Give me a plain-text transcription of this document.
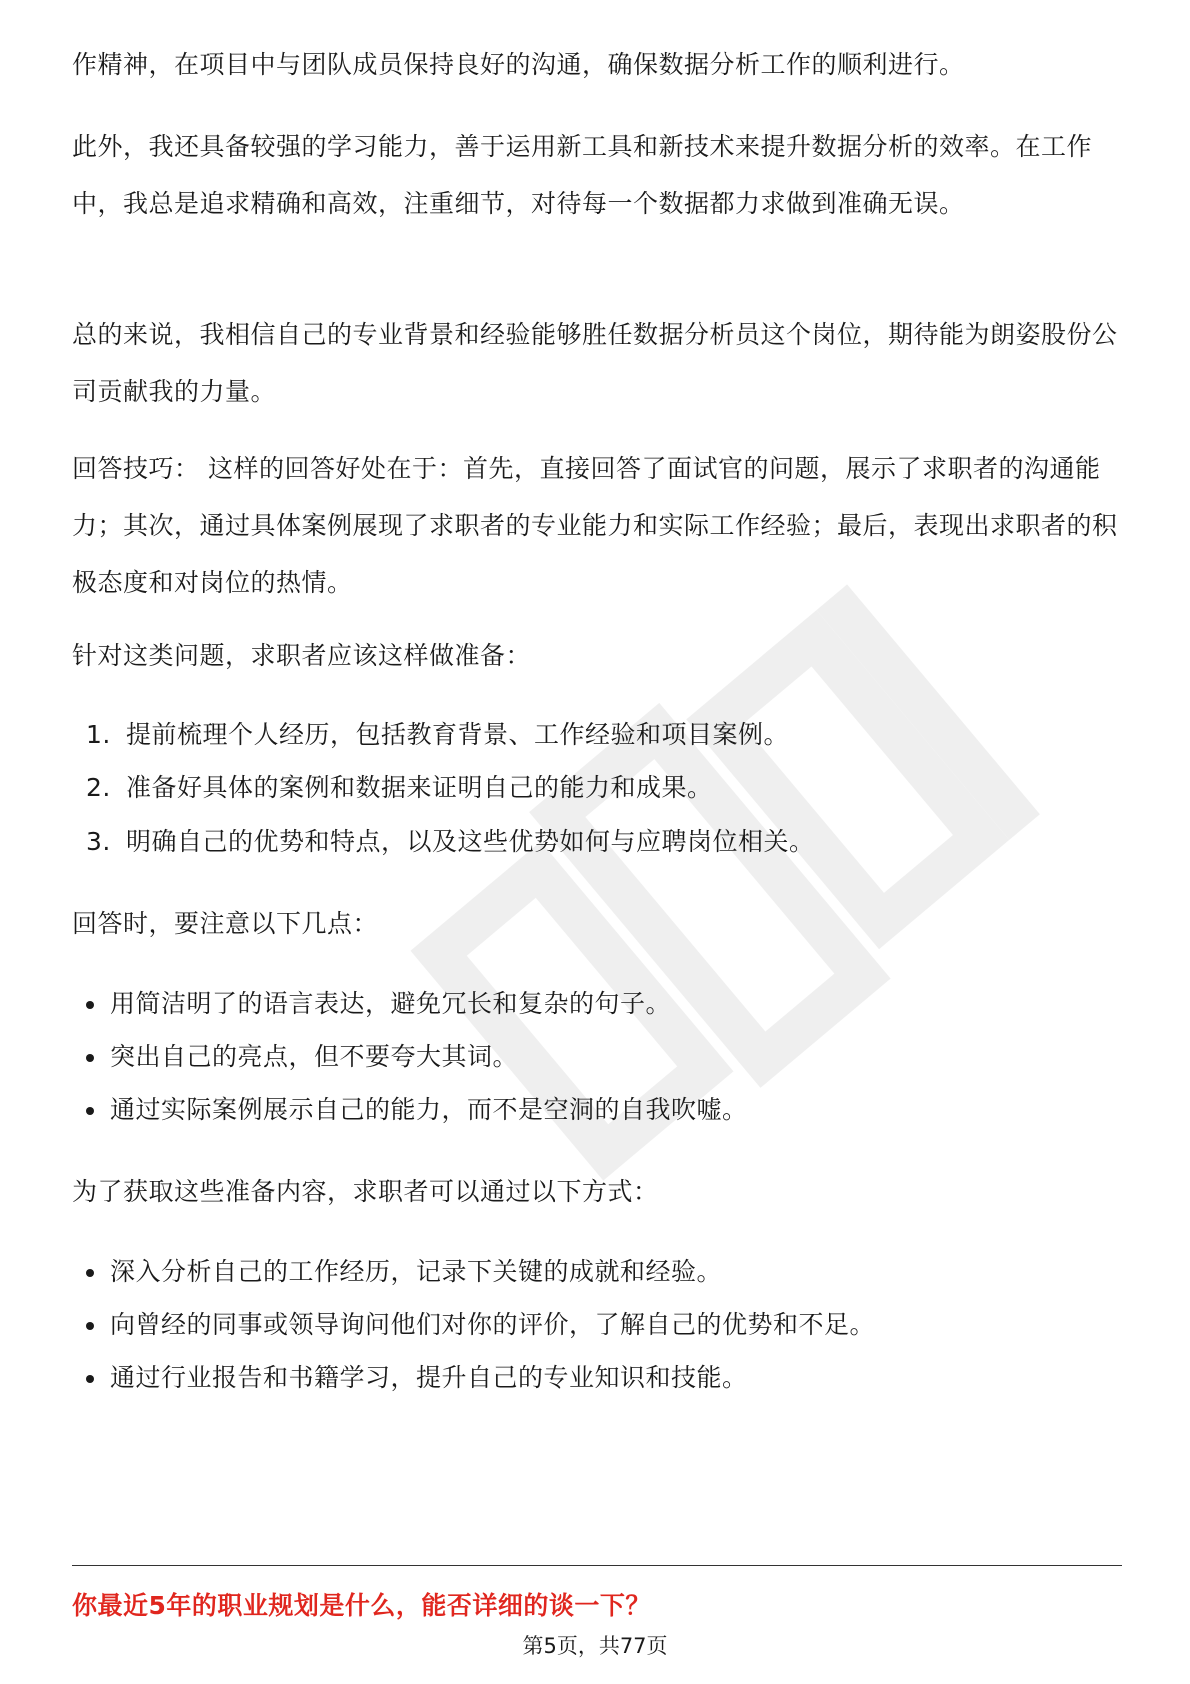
作精神，在项目中与团队成员保持良好的沟通，确保数据分析工作的顺利进行。

此外，我还具备较强的学习能力，善于运用新工具和新技术来提升数据分析的效率。在工作中，我总是追求精确和高效，注重细节，对待每一个数据都力求做到准确无误。

总的来说，我相信自己的专业背景和经验能够胜任数据分析员这个岗位，期待能为朗姿股份公司贡献我的力量。

回答技巧： 这样的回答好处在于：首先，直接回答了面试官的问题，展示了求职者的沟通能力；其次，通过具体案例展现了求职者的专业能力和实际工作经验；最后，表现出求职者的积极态度和对岗位的热情。

针对这类问题，求职者应该这样做准备：

1. 提前梳理个人经历，包括教育背景、工作经验和项目案例。
2. 准备好具体的案例和数据来证明自己的能力和成果。
3. 明确自己的优势和特点，以及这些优势如何与应聘岗位相关。

回答时，要注意以下几点：

用简洁明了的语言表达，避免冗长和复杂的句子。
突出自己的亮点，但不要夸大其词。
通过实际案例展示自己的能力，而不是空洞的自我吹嘘。

为了获取这些准备内容，求职者可以通过以下方式：

深入分析自己的工作经历，记录下关键的成就和经验。
向曾经的同事或领导询问他们对你的评价，了解自己的优势和不足。
通过行业报告和书籍学习，提升自己的专业知识和技能。
你最近5年的职业规划是什么，能否详细的谈一下？
第5页，共77页
